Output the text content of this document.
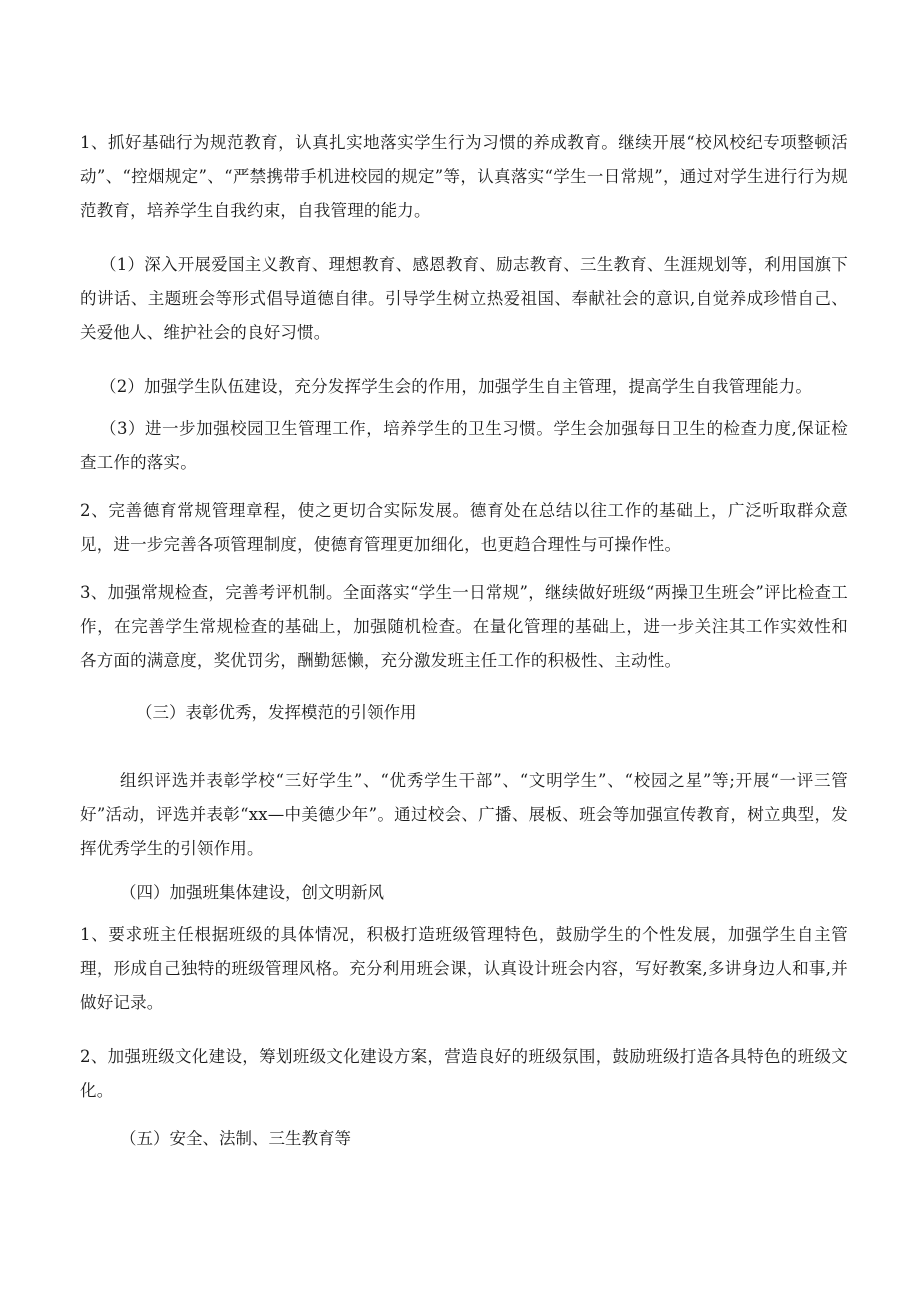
1、抓好基础行为规范教育，认真扎实地落实学生行为习惯的养成教育。继续开展“校风校纪专项整顿活动”、“控烟规定”、“严禁携带手机进校园的规定”等，认真落实“学生一日常规”，通过对学生进行行为规范教育，培养学生自我约束，自我管理的能力。

（1）深入开展爱国主义教育、理想教育、感恩教育、励志教育、三生教育、生涯规划等，利用国旗下的讲话、主题班会等形式倡导道德自律。引导学生树立热爱祖国、奉献社会的意识,自觉养成珍惜自己、关爱他人、维护社会的良好习惯。

（2）加强学生队伍建设，充分发挥学生会的作用，加强学生自主管理，提高学生自我管理能力。

（3）进一步加强校园卫生管理工作，培养学生的卫生习惯。学生会加强每日卫生的检查力度,保证检查工作的落实。

2、完善德育常规管理章程，使之更切合实际发展。德育处在总结以往工作的基础上，广泛听取群众意见，进一步完善各项管理制度，使德育管理更加细化，也更趋合理性与可操作性。

3、加强常规检查，完善考评机制。全面落实“学生一日常规”，继续做好班级“两操卫生班会”评比检查工作，在完善学生常规检查的基础上，加强随机检查。在量化管理的基础上，进一步关注其工作实效性和各方面的满意度，奖优罚劣，酬勤惩懒，充分激发班主任工作的积极性、主动性。

（三）表彰优秀，发挥模范的引领作用

组织评选并表彰学校“三好学生”、“优秀学生干部”、“文明学生”、“校园之星”等;开展“一评三管好”活动，评选并表彰“xx—中美德少年”。通过校会、广播、展板、班会等加强宣传教育，树立典型，发挥优秀学生的引领作用。

（四）加强班集体建设，创文明新风

1、要求班主任根据班级的具体情况，积极打造班级管理特色，鼓励学生的个性发展，加强学生自主管理，形成自己独特的班级管理风格。充分利用班会课，认真设计班会内容，写好教案,多讲身边人和事,并做好记录。

2、加强班级文化建设，筹划班级文化建设方案，营造良好的班级氛围，鼓励班级打造各具特色的班级文化。

（五）安全、法制、三生教育等
